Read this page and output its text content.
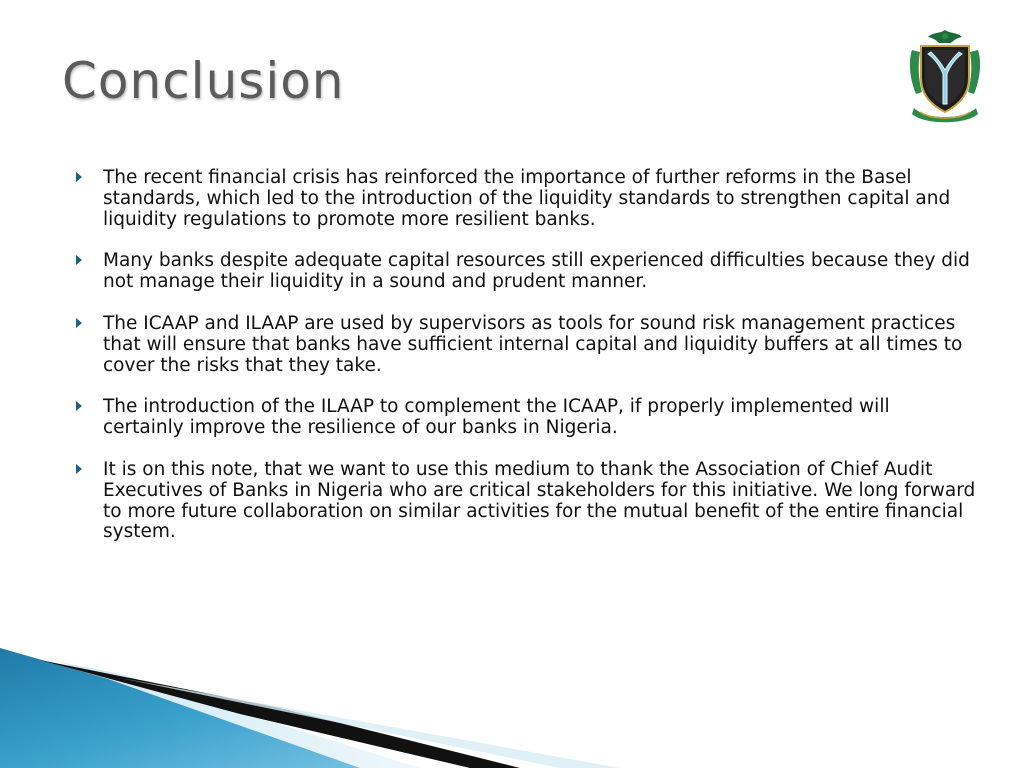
Conclusion
The recent financial crisis has reinforced the importance of further reforms in the Basel standards, which led to the introduction of the liquidity standards to strengthen capital and liquidity regulations to promote more resilient banks.
Many banks despite adequate capital resources still experienced difficulties because they did not manage their liquidity in a sound and prudent manner.
The ICAAP and ILAAP are used by supervisors as tools for sound risk management practices that will ensure that banks have sufficient internal capital and liquidity buffers at all times to cover the risks that they take.
The introduction of the ILAAP to complement the ICAAP, if properly implemented will certainly improve the resilience of our banks in Nigeria.
It is on this note, that we want to use this medium to thank the Association of Chief Audit Executives of Banks in Nigeria who are critical stakeholders for this initiative. We long forward to more future collaboration on similar activities for the mutual benefit of the entire financial system.
